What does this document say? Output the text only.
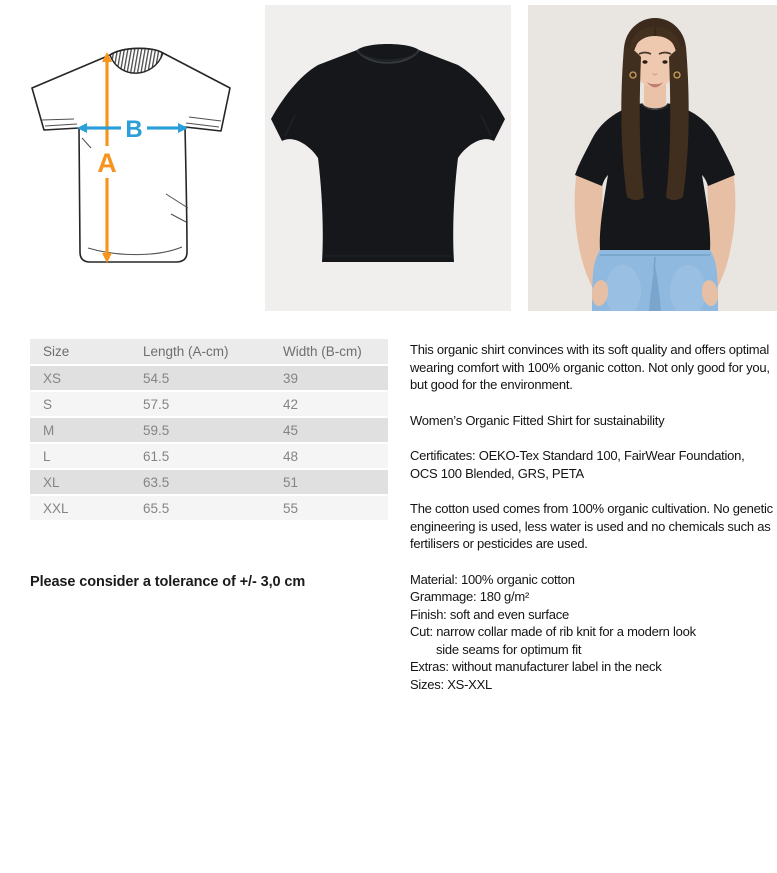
A
B
Size	Length (A-cm)	Width (B-cm)
XS	54.5	39
S	57.5	42
M	59.5	45
L	61.5	48
XL	63.5	51
XXL	65.5	55
Please consider a tolerance of +/- 3,0 cm

This organic shirt convinces with its soft quality and offers optimal wearing comfort with 100% organic cotton. Not only good for you, but good for the environment.

Women’s Organic Fitted Shirt for sustainability

Certificates: OEKO-Tex Standard 100, FairWear Foundation, OCS 100 Blended, GRS, PETA

The cotton used comes from 100% organic cultivation. No genetic engineering is used, less water is used and no chemicals such as fertilisers or pesticides are used.

Material: 100% organic cotton
Grammage: 180 g/m²
Finish: soft and even surface
Cut: narrow collar made of rib knit for a modern look
side seams for optimum fit
Extras: without manufacturer label in the neck
Sizes: XS-XXL
